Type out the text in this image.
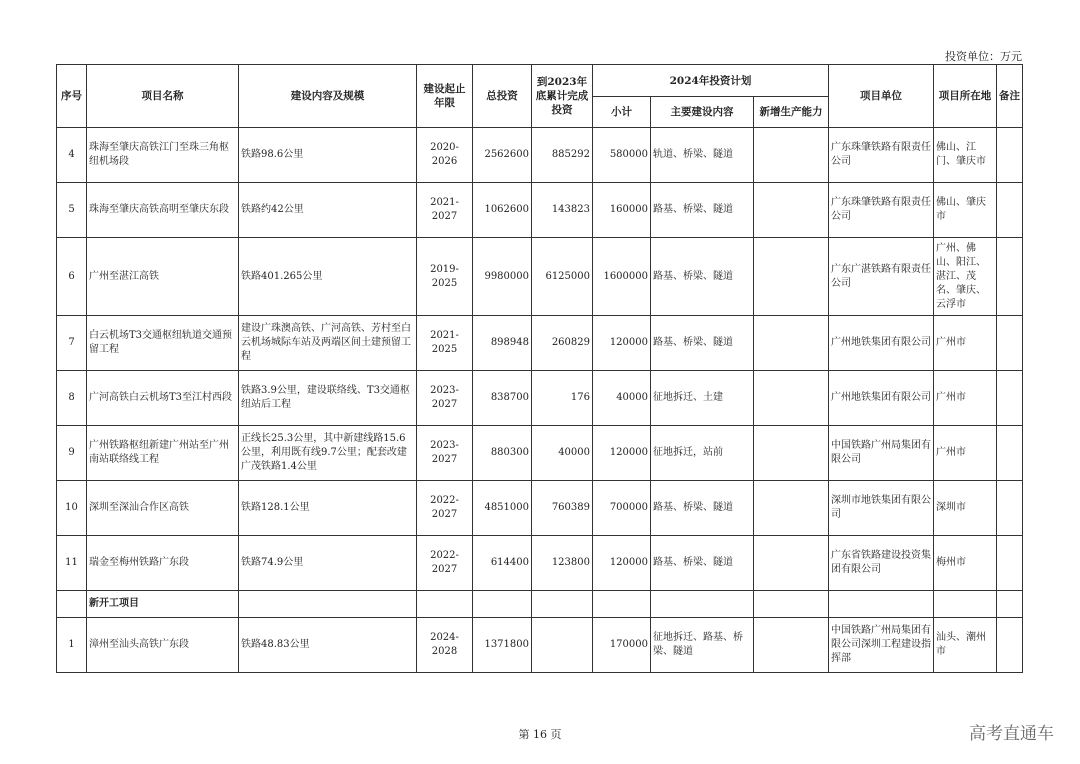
投资单位：万元
序号	项目名称	建设内容及规模	建设起止年限	总投资	到2023年底累计完成投资	2024年投资计划			项目单位	项目所在地	备注
						小计	主要建设内容	新增生产能力			
4	珠海至肇庆高铁江门至珠三角枢纽机场段	铁路98.6公里	2020-2026	2562600	885292	580000	轨道、桥梁、隧道		广东珠肇铁路有限责任公司	佛山、江门、肇庆市	
5	珠海至肇庆高铁高明至肇庆东段	铁路约42公里	2021-2027	1062600	143823	160000	路基、桥梁、隧道		广东珠肇铁路有限责任公司	佛山、肇庆市	
6	广州至湛江高铁	铁路401.265公里	2019-2025	9980000	6125000	1600000	路基、桥梁、隧道		广东广湛铁路有限责任公司	广州、佛山、阳江、湛江、茂名、肇庆、云浮市	
7	白云机场T3交通枢纽轨道交通预留工程	建设广珠澳高铁、广河高铁、芳村至白云机场城际车站及两端区间土建预留工程	2021-2025	898948	260829	120000	路基、桥梁、隧道		广州地铁集团有限公司	广州市	
8	广河高铁白云机场T3至江村西段	铁路3.9公里，建设联络线、T3交通枢纽站后工程	2023-2027	838700	176	40000	征地拆迁、土建		广州地铁集团有限公司	广州市	
9	广州铁路枢纽新建广州站至广州南站联络线工程	正线长25.3公里，其中新建线路15.6公里，利用既有线9.7公里；配套改建广茂铁路1.4公里	2023-2027	880300	40000	120000	征地拆迁，站前		中国铁路广州局集团有限公司	广州市	
10	深圳至深汕合作区高铁	铁路128.1公里	2022-2027	4851000	760389	700000	路基、桥梁、隧道		深圳市地铁集团有限公司	深圳市	
11	瑞金至梅州铁路广东段	铁路74.9公里	2022-2027	614400	123800	120000	路基、桥梁、隧道		广东省铁路建设投资集团有限公司	梅州市	
	新开工项目										
1	漳州至汕头高铁广东段	铁路48.83公里	2024-2028	1371800		170000	征地拆迁、路基、桥梁、隧道		中国铁路广州局集团有限公司深圳工程建设指挥部	汕头、潮州市	
第 16 页	高考直通车
